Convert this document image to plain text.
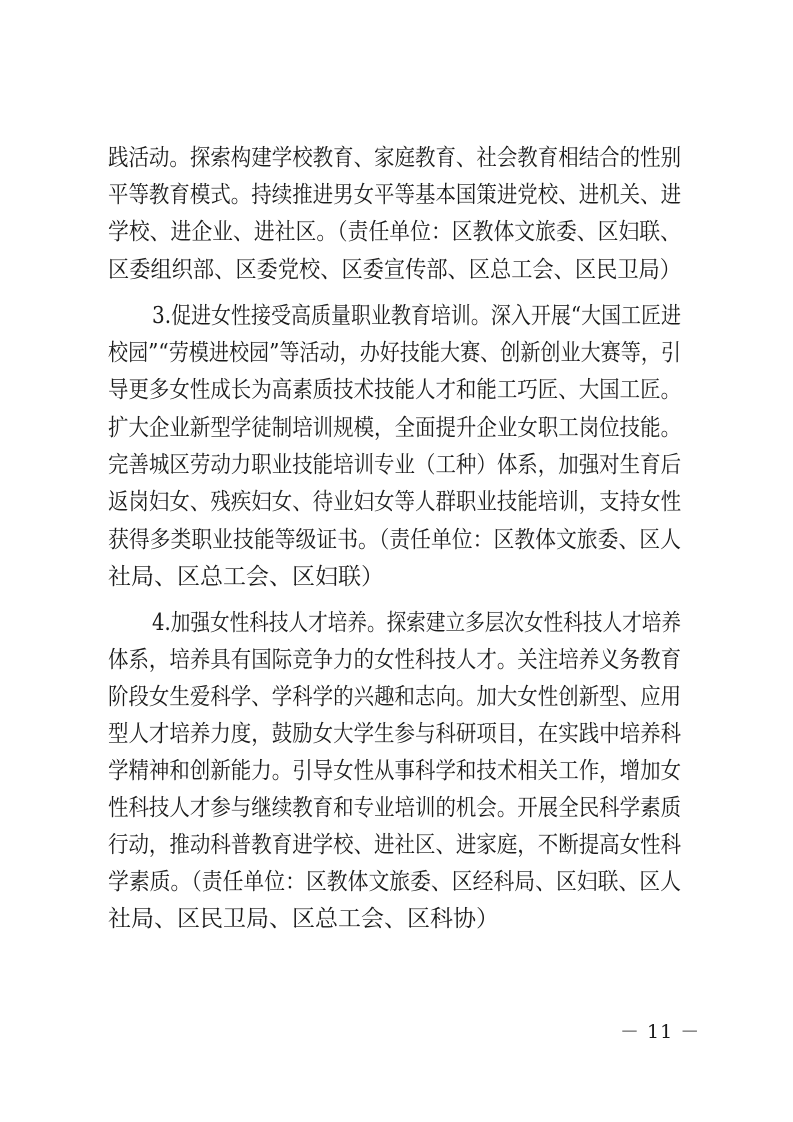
践活动。探索构建学校教育、家庭教育、社会教育相结合的性别
平等教育模式。持续推进男女平等基本国策进党校、进机关、进
学校、进企业、进社区。（责任单位：区教体文旅委、区妇联、
区委组织部、区委党校、区委宣传部、区总工会、区民卫局）
3.促进女性接受高质量职业教育培训。深入开展“大国工匠进
校园”“劳模进校园”等活动，办好技能大赛、创新创业大赛等，引
导更多女性成长为高素质技术技能人才和能工巧匠、大国工匠。
扩大企业新型学徒制培训规模，全面提升企业女职工岗位技能。
完善城区劳动力职业技能培训专业（工种）体系，加强对生育后
返岗妇女、残疾妇女、待业妇女等人群职业技能培训，支持女性
获得多类职业技能等级证书。（责任单位：区教体文旅委、区人
社局、区总工会、区妇联）
4.加强女性科技人才培养。探索建立多层次女性科技人才培养
体系，培养具有国际竞争力的女性科技人才。关注培养义务教育
阶段女生爱科学、学科学的兴趣和志向。加大女性创新型、应用
型人才培养力度，鼓励女大学生参与科研项目，在实践中培养科
学精神和创新能力。引导女性从事科学和技术相关工作，增加女
性科技人才参与继续教育和专业培训的机会。开展全民科学素质
行动，推动科普教育进学校、进社区、进家庭，不断提高女性科
学素质。（责任单位：区教体文旅委、区经科局、区妇联、区人
社局、区民卫局、区总工会、区科协）
－ 11 －
